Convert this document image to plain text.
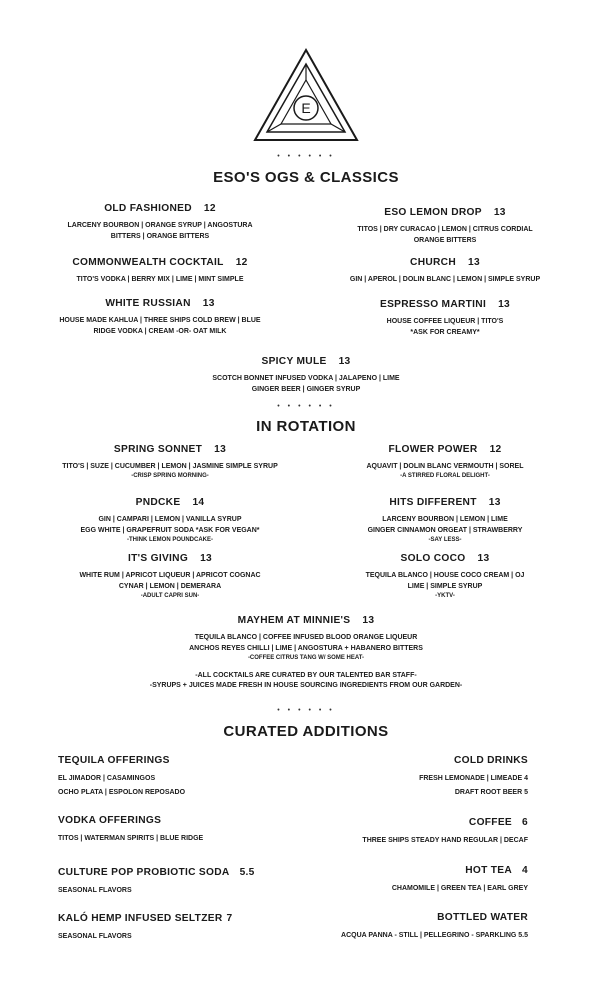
E
• • • • • •
ESO'S OGS & CLASSICS
OLD FASHIONED 12
LARCENY BOURBON | ORANGE SYRUP | ANGOSTURA
BITTERS | ORANGE BITTERS
COMMONWEALTH COCKTAIL 12
TITO'S VODKA | BERRY MIX | LIME | MINT SIMPLE
WHITE RUSSIAN 13
HOUSE MADE KAHLUA | THREE SHIPS COLD BREW | BLUE
RIDGE VODKA | CREAM -OR- OAT MILK
ESO LEMON DROP 13
TITOS | DRY CURACAO | LEMON | CITRUS CORDIAL
ORANGE BITTERS
CHURCH 13
GIN | APEROL | DOLIN BLANC | LEMON | SIMPLE SYRUP
ESPRESSO MARTINI 13
HOUSE COFFEE LIQUEUR | TITO'S
*ASK FOR CREAMY*
SPICY MULE 13
SCOTCH BONNET INFUSED VODKA | JALAPENO | LIME
GINGER BEER | GINGER SYRUP
• • • • • •
IN ROTATION
SPRING SONNET 13
TITO'S | SUZE | CUCUMBER | LEMON | JASMINE SIMPLE SYRUP
-CRISP SPRING MORNING-
PNDCKE 14
GIN | CAMPARI | LEMON | VANILLA SYRUP
EGG WHITE | GRAPEFRUIT SODA *ASK FOR VEGAN*
-THINK LEMON POUNDCAKE-
IT'S GIVING 13
WHITE RUM | APRICOT LIQUEUR | APRICOT COGNAC
CYNAR | LEMON | DEMERARA
-ADULT CAPRI SUN-
FLOWER POWER 12
AQUAVIT | DOLIN BLANC VERMOUTH | SOREL
-A STIRRED FLORAL DELIGHT-
HITS DIFFERENT 13
LARCENY BOURBON | LEMON | LIME
GINGER CINNAMON ORGEAT | STRAWBERRY
-SAY LESS-
SOLO COCO 13
TEQUILA BLANCO | HOUSE COCO CREAM | OJ
LIME | SIMPLE SYRUP
-YKTV-
MAYHEM AT MINNIE'S 13
TEQUILA BLANCO | COFFEE INFUSED BLOOD ORANGE LIQUEUR
ANCHOS REYES CHILLI | LIME | ANGOSTURA + HABANERO BITTERS
-COFFEE CITRUS TANG W/ SOME HEAT-
-ALL COCKTAILS ARE CURATED BY OUR TALENTED BAR STAFF-
-SYRUPS + JUICES MADE FRESH IN HOUSE SOURCING INGREDIENTS FROM OUR GARDEN-
• • • • • •
CURATED ADDITIONS
TEQUILA OFFERINGS
EL JIMADOR | CASAMINGOS
OCHO PLATA | ESPOLON REPOSADO
VODKA OFFERINGS
TITOS | WATERMAN SPIRITS | BLUE RIDGE
CULTURE POP PROBIOTIC SODA 5.5
SEASONAL FLAVORS
KALÓ HEMP INFUSED SELTZER 7
SEASONAL FLAVORS
COLD DRINKS
FRESH LEMONADE | LIMEADE 4
DRAFT ROOT BEER 5
COFFEE 6
THREE SHIPS STEADY HAND REGULAR | DECAF
HOT TEA 4
CHAMOMILE | GREEN TEA | EARL GREY
BOTTLED WATER
ACQUA PANNA - STILL | PELLEGRINO - SPARKLING 5.5
